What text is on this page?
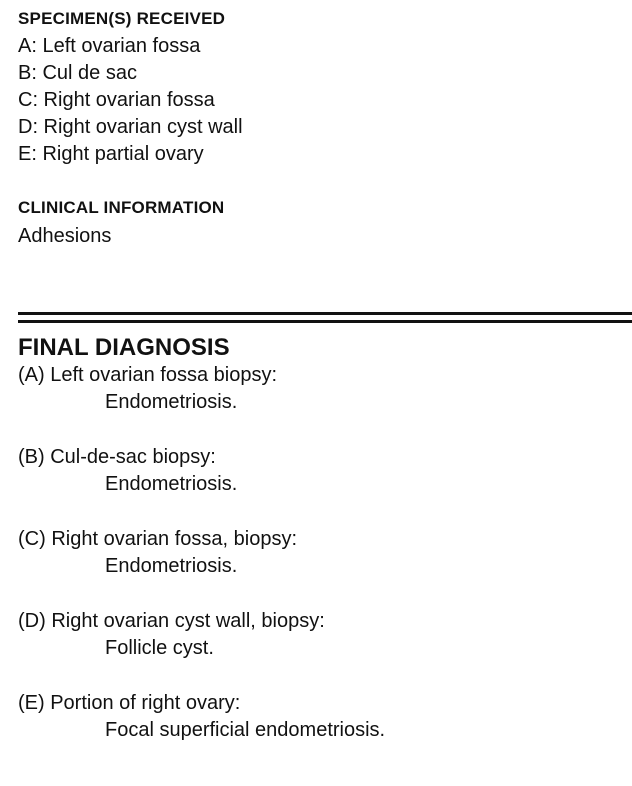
SPECIMEN(S) RECEIVED

A: Left ovarian fossa

B: Cul de sac

C: Right ovarian fossa

D: Right ovarian cyst wall

E: Right partial ovary

CLINICAL INFORMATION

Adhesions

FINAL DIAGNOSIS

(A) Left ovarian fossa biopsy:

Endometriosis.

(B) Cul-de-sac biopsy:

Endometriosis.

(C) Right ovarian fossa, biopsy:

Endometriosis.

(D) Right ovarian cyst wall, biopsy:

Follicle cyst.

(E) Portion of right ovary:

Focal superficial endometriosis.
